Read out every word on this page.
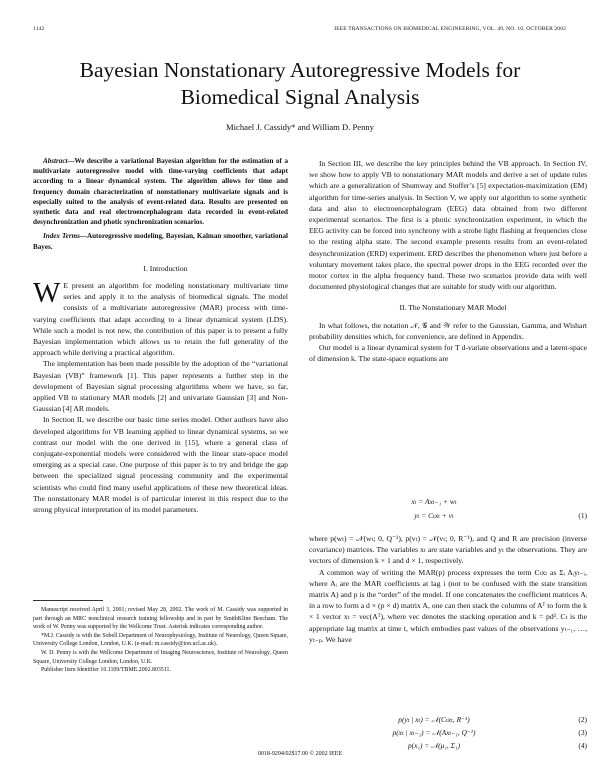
1142	IEEE TRANSACTIONS ON BIOMEDICAL ENGINEERING, VOL. 49, NO. 10, OCTOBER 2002
Bayesian Nonstationary Autoregressive Models for
Biomedical Signal Analysis
Michael J. Cassidy* and William D. Penny

Abstract—We describe a variational Bayesian algorithm for the estimation of a multivariate autoregressive model with time-varying coefficients that adapt according to a linear dynamical system. The algorithm allows for time and frequency domain characterization of nonstationary multivariate signals and is especially suited to the analysis of event-related data. Results are presented on synthetic data and real electroencephalogram data recorded in event-related desynchronization and photic synchronization scenarios.

Index Terms—Autoregressive modeling, Bayesian, Kalman smoother, variational Bayes.

I. Introduction

W E present an algorithm for modeling nonstationary multivariate time series and apply it to the analysis of biomedical signals. The model consists of a multivariate autoregressive (MAR) process with time-varying coefficients that adapt according to a linear dynamical system (LDS). While such a model is not new, the contribution of this paper is to present a fully Bayesian implementation which allows us to retain the full generality of the approach while deriving a practical algorithm.

The implementation has been made possible by the adoption of the “variational Bayesian (VB)” framework [1]. This paper represents a further step in the development of Bayesian signal processing algorithms where we have, so far, applied VB to stationary MAR models [2] and univariate Gaussian [3] and Non-Gaussian [4] AR models.

In Section II, we describe our basic time series model. Other authors have also developed algorithms for VB learning applied to linear dynamical systems, so we contrast our model with the one derived in [15], where a general class of conjugate-exponential models were considered with the linear state-space model emerging as a special case. One purpose of this paper is to try and bridge the gap between the specialized signal processing community and the experimental scientists who could find many useful applications of these new theoretical ideas. The nonstationary MAR model is of particular interest in this respect due to the strong physical interpretation of its model parameters.

Manuscript received April 3, 2001; revised May 28, 2002. The work of M. Cassidy was supported in part through an MRC nonclinical research training fellowship and in part by SmithKline Beecham. The work of W. Penny was supported by the Wellcome Trust. Asterisk indicates corresponding author.

*M.J. Cassidy is with the Sobell Department of Neurophysiology, Institute of Neurology, Queen Square, University College London, London, U.K. (e-mail: m.cassidy@ion.ucl.ac.uk).

W. D. Penny is with the Wellcome Department of Imaging Neuroscience, Institute of Neurology, Queen Square, University College London, London, U.K.

Publisher Item Identifier 10.1109/TBME.2002.803511.

In Section III, we describe the key principles behind the VB approach. In Section IV, we show how to apply VB to nonstationary MAR models and derive a set of update rules which are a generalization of Shumway and Stoffer’s [5] expectation-maximization (EM) algorithm for time-series analysis. In Section V, we apply our algorithm to some synthetic data and also to electroencephalogram (EEG) data obtained from two different experimental scenarios. The first is a photic synchronization experiment, in which the EEG activity can be forced into synchrony with a strobe light flashing at frequencies close to the resting alpha state. The second example presents results from an event-related desynchronization (ERD) experiment. ERD describes the phenomenon where just before a voluntary movement takes place, the spectral power drops in the EEG recorded over the motor cortex in the alpha frequency band. These two scenarios provide data with well documented physiological changes that are suitable for study with our algorithm.

II. The Nonstationary MAR Model

In what follows, the notation 𝒩, 𝒢 and 𝒲 refer to the Gaussian, Gamma, and Wishart probability densities which, for convenience, are defined in Appendix.

Our model is a linear dynamical system for T d-variate observations and a latent-space of dimension k. The state-space equations are

xₜ = Axₜ₋₁ + wₜ
yₜ = Cₜxₜ + vₜ	(1)

where p(wₜ) = 𝒩(wₜ; 0, Q⁻¹), p(vₜ) = 𝒩(vₜ; 0, R⁻¹), and Q and R are precision (inverse covariance) matrices. The variables xₜ are state variables and yₜ the observations. They are vectors of dimension k × 1 and d × 1, respectively.

A common way of writing the MAR(p) process expresses the term Cₜxₜ as Σᵢ Aᵢyₜ₋ᵢ, where Aᵢ are the MAR coefficients at lag i (not to be confused with the state transition matrix A) and p is the “order” of the model. If one concatenates the coefficient matrices Aᵢ in a row to form a d × (p × d) matrix A, one can then stack the columns of Aᵀ to form the k × 1 vector xₜ = vec(Aᵀ), where vec denotes the stacking operation and k = pd². Cₜ is the appropriate lag matrix at time t, which embodies past values of the observations yₜ₋₁, …, yₜ₋ₚ. We have

p(yₜ | xₜ) = 𝒩(Cₜxₜ, R⁻¹)	(2)
p(xₜ | xₜ₋₁) = 𝒩(Axₜ₋₁, Q⁻¹)	(3)
p(x₁) = 𝒩(μ₁, Σ₁)	(4)
0018-9294/02$17.00 © 2002 IEEE
